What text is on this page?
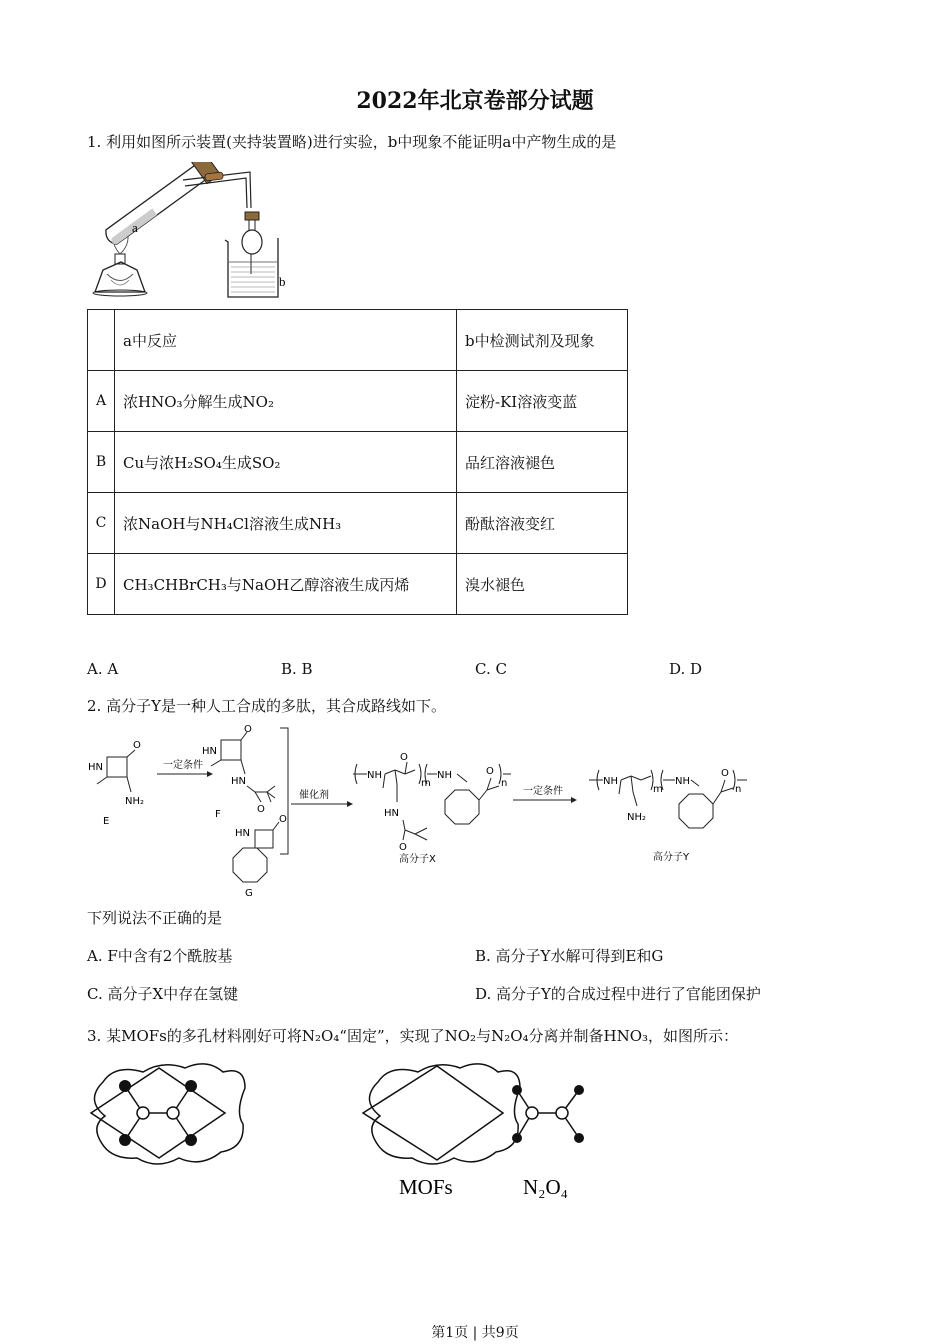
2022年北京卷部分试题
1. 利用如图所示装置(夹持装置略)进行实验，b中现象不能证明a中产物生成的是
a
b
	a中反应	b中检测试剂及现象
A	浓HNO₃分解生成NO₂	淀粉-KI溶液变蓝
B	Cu与浓H₂SO₄生成SO₂	品红溶液褪色
C	浓NaOH与NH₄Cl溶液生成NH₃	酚酞溶液变红
D	CH₃CHBrCH₃与NaOH乙醇溶液生成丙烯	溴水褪色
A. A	B. B	C. C	D. D
2. 高分子Y是一种人工合成的多肽，其合成路线如下。
HN
O
NH₂
E
一定条件
HN
O
HN
O
F
HN
O
G
催化剂
NH
O
m
HN
O
NH	O
n
高分子X
一定条件
NH
m
NH₂
NH
O
n
高分子Y
下列说法不正确的是
A. F中含有2个酰胺基	B. 高分子Y水解可得到E和G
C. 高分子X中存在氢键	D. 高分子Y的合成过程中进行了官能团保护
3. 某MOFs的多孔材料刚好可将N₂O₄“固定”，实现了NO₂与N₂O₄分离并制备HNO₃，如图所示：
MOFs	N₂O₄
第1页 | 共9页
